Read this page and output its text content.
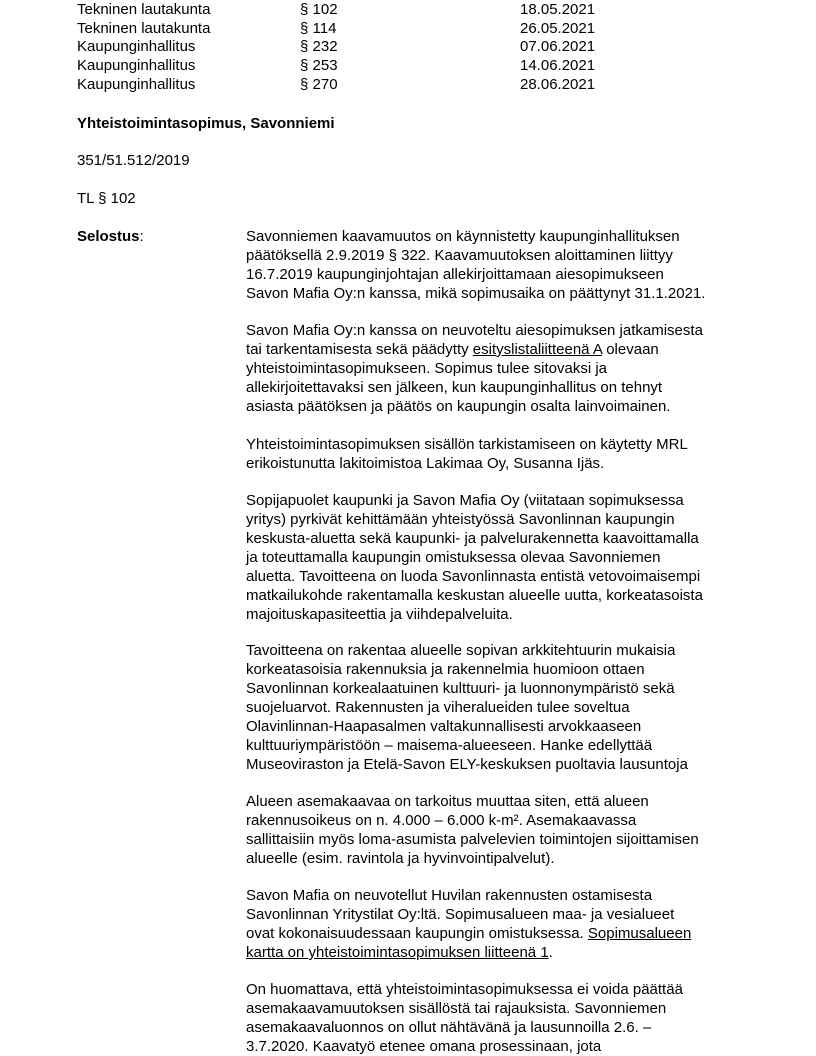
Tekninen lautakunta	§ 102	18.05.2021
Tekninen lautakunta	§ 114	26.05.2021
Kaupunginhallitus	§ 232	07.06.2021
Kaupunginhallitus	§ 253	14.06.2021
Kaupunginhallitus	§ 270	28.06.2021
Yhteistoimintasopimus, Savonniemi
351/51.512/2019
TL § 102
Selostus:	Savonniemen kaavamuutos on käynnistetty kaupunginhallituksen
päätöksellä 2.9.2019 § 322. Kaavamuutoksen aloittaminen liittyy
16.7.2019 kaupunginjohtajan allekirjoittamaan aiesopimukseen
Savon Mafia Oy:n kanssa, mikä sopimusaika on päättynyt 31.1.2021.
Savon Mafia Oy:n kanssa on neuvoteltu aiesopimuksen jatkamisesta
tai tarkentamisesta sekä päädytty esityslistaliitteenä A olevaan
yhteistoimintasopimukseen. Sopimus tulee sitovaksi ja
allekirjoitettavaksi sen jälkeen, kun kaupunginhallitus on tehnyt
asiasta päätöksen ja päätös on kaupungin osalta lainvoimainen.
Yhteistoimintasopimuksen sisällön tarkistamiseen on käytetty MRL
erikoistunutta lakitoimistoa Lakimaa Oy, Susanna Ijäs.
Sopijapuolet kaupunki ja Savon Mafia Oy (viitataan sopimuksessa
yritys) pyrkivät kehittämään yhteistyössä Savonlinnan kaupungin
keskusta-aluetta sekä kaupunki- ja palvelurakennetta kaavoittamalla
ja toteuttamalla kaupungin omistuksessa olevaa Savonniemen
aluetta. Tavoitteena on luoda Savonlinnasta entistä vetovoimaisempi
matkailukohde rakentamalla keskustan alueelle uutta, korkeatasoista
majoituskapasiteettia ja viihdepalveluita.
Tavoitteena on rakentaa alueelle sopivan arkkitehtuurin mukaisia
korkeatasoisia rakennuksia ja rakennelmia huomioon ottaen
Savonlinnan korkealaatuinen kulttuuri- ja luonnonympäristö sekä
suojeluarvot. Rakennusten ja viheralueiden tulee soveltua
Olavinlinnan-Haapasalmen valtakunnallisesti arvokkaaseen
kulttuuriympäristöön – maisema-alueeseen. Hanke edellyttää
Museoviraston ja Etelä-Savon ELY-keskuksen puoltavia lausuntoja
Alueen asemakaavaa on tarkoitus muuttaa siten, että alueen
rakennusoikeus on n. 4.000 – 6.000 k-m². Asemakaavassa
sallittaisiin myös loma-asumista palvelevien toimintojen sijoittamisen
alueelle (esim. ravintola ja hyvinvointipalvelut).
Savon Mafia on neuvotellut Huvilan rakennusten ostamisesta
Savonlinnan Yritystilat Oy:ltä. Sopimusalueen maa- ja vesialueet
ovat kokonaisuudessaan kaupungin omistuksessa. Sopimusalueen
kartta on yhteistoimintasopimuksen liitteenä 1.
On huomattava, että yhteistoimintasopimuksessa ei voida päättää
asemakaavamuutoksen sisällöstä tai rajauksista. Savonniemen
asemakaavaluonnos on ollut nähtävänä ja lausunnoilla 2.6. –
3.7.2020. Kaavatyö etenee omana prosessinaan, jota
